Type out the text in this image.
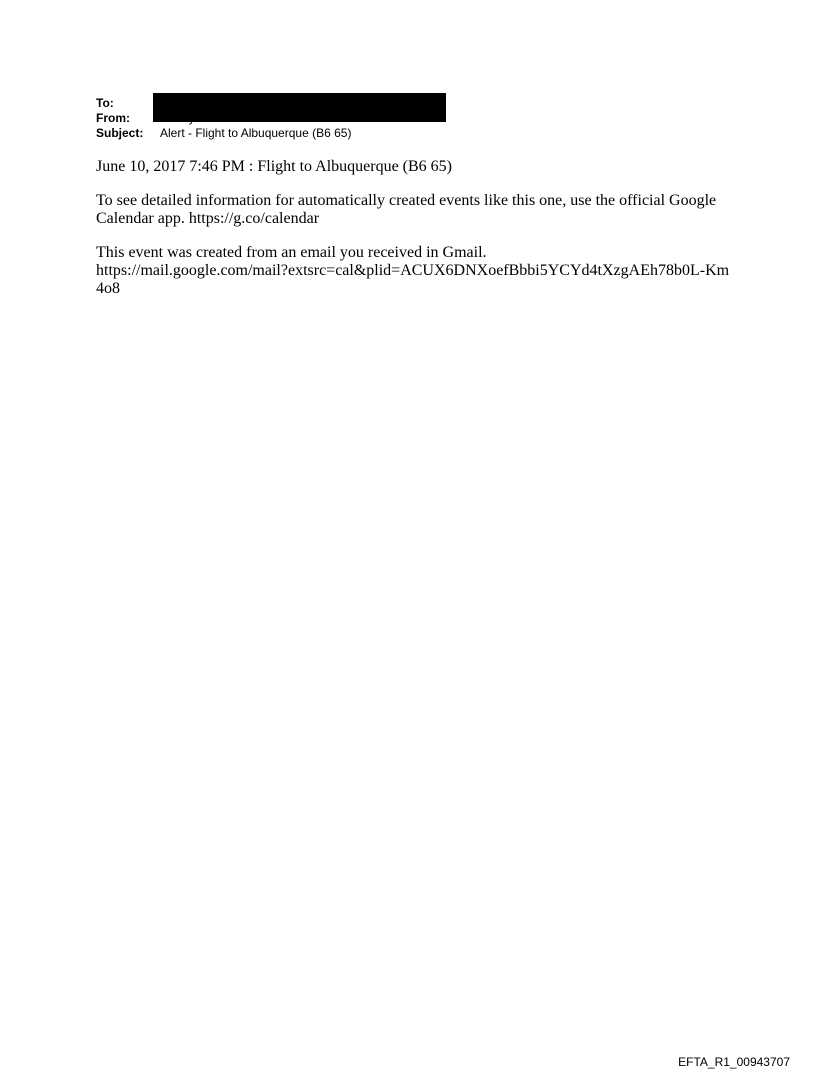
To:
From:
Subject:	Alert - Flight to Albuquerque (B6 65)

June 10, 2017 7:46 PM : Flight to Albuquerque (B6 65)

To see detailed information for automatically created events like this one, use the official Google Calendar app. https://g.co/calendar

This event was created from an email you received in Gmail.
https://mail.google.com/mail?extsrc=cal&plid=ACUX6DNXoefBbbi5YCYd4tXzgAEh78b0L-Km4o8

EFTA_R1_00943707
